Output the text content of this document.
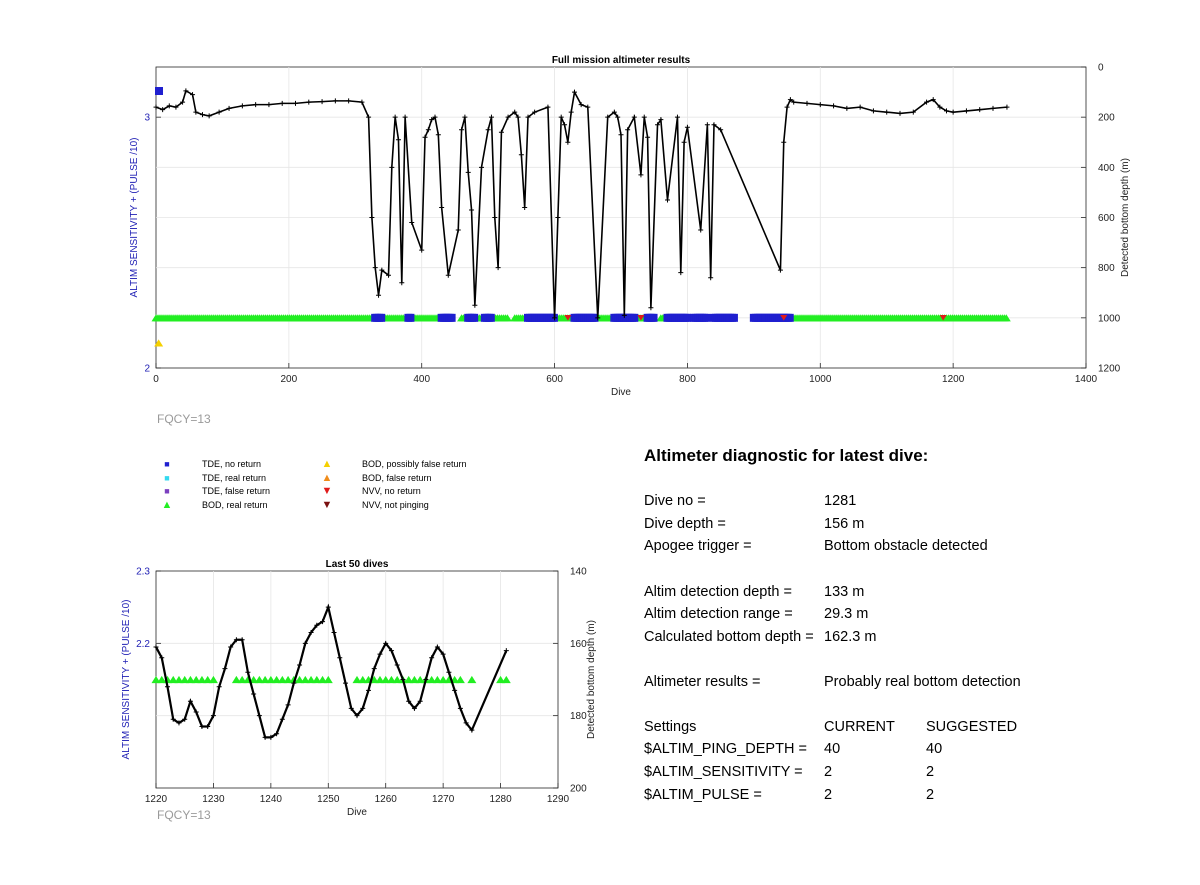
0	200	400	600	800	1000	1200	1400
0
200
400
600
800
1000
1200
2
3
Full mission altimeter results
Dive
ALTIM SENSITIVITY + (PULSE /10)	Detected bottom depth (m)
1220	1230	1240	1250	1260	1270	1280	1290
140
160
180
200
2.2
2.3
Last 50 dives
Dive
ALTIM SENSITIVITY + (PULSE /10)	Detected bottom depth (m)
FQCY=13
FQCY=13
■	TDE, no return
■	TDE, real return
■	TDE, false return
▲	BOD, real return
▲	BOD, possibly false return
▲	BOD, false return
▼	NVV, no return
▼	NVV, not pinging
Altimeter diagnostic for latest dive:
Dive no =	1281
Dive depth =	156 m
Apogee trigger =	Bottom obstacle detected
Altim detection depth = 133 m
Altim detection range = 29.3 m
Calculated bottom depth = 162.3 m
Altimeter results =	Probably real bottom detection
Settings	CURRENT SUGGESTED
$ALTIM_PING_DEPTH = 40	40
$ALTIM_SENSITIVITY = 2	2
$ALTIM_PULSE =	2	2
